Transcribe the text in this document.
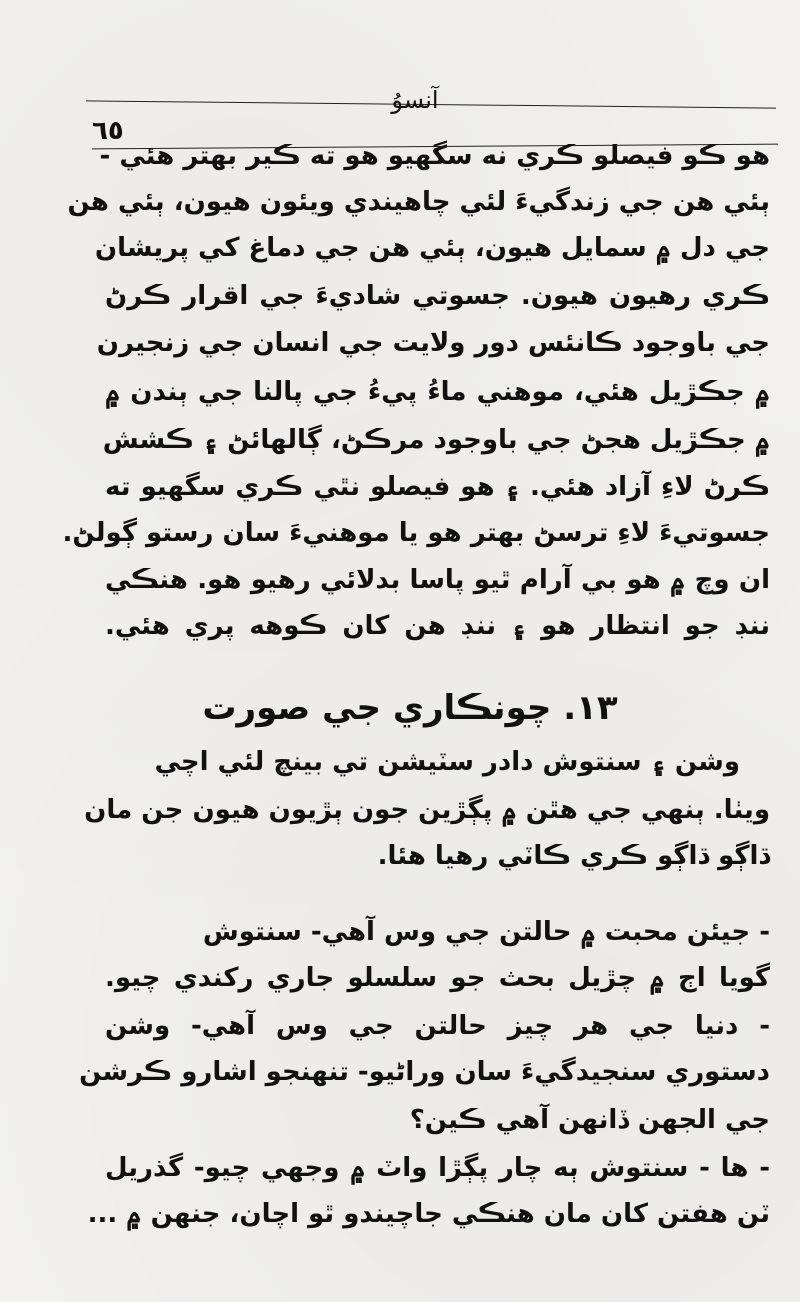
آنسوُ
٦٥
هو ڪو فيصلو ڪري نه سگهيو هو ته ڪير بهتر هئي -
ٻئي هن جي زندگيءَ لئي چاهيندي ويئون هيون، ٻئي هن
جي دل ۾ سمايل هيون، ٻئي هن جي دماغ کي پريشان
ڪري رهيون هيون. جسوتي شاديءَ جي اقرار ڪرڻ
جي باوجود ڪانئس دور ولايت جي انسان جي زنجيرن
۾ جڪڙيل هئي، موهني ماءُ پيءُ جي پالنا جي ٻندن ۾
۾ جڪڙيل هجڻ جي باوجود مرڪڻ، ڳالهائڻ ۽ ڪشش
ڪرڻ لاءِ آزاد هئي. ۽ هو فيصلو نٿي ڪري سگهيو ته
جسوتيءَ لاءِ ترسڻ بهتر هو يا موهنيءَ سان رستو ڳولڻ.
ان وچ ۾ هو بي آرام ٿيو پاسا بدلائي رهيو هو. هنڪي
ننڊ جو انتظار هو ۽ ننڊ هن کان ڪوهه پري هئي.
١٣. چونڪاري جي صورت
وشن ۽ سنتوش دادر سٽيشن تي بينچ لئي اچي
ويٺا. ٻنهي جي هٿن ۾ پڳڙين جون ٻڙيون هيون جن مان
ڌاڳو ڌاڳو ڪري ڪاٽي رهيا هئا.
- جيئن محبت ۾ حالتن جي وس آهي- سنتوش
گويا اڄ ۾ چڙيل بحث جو سلسلو جاري رکندي چيو.
- دنيا جي هر چيز حالتن جي وس آهي- وشن
دستوري سنجيدگيءَ سان وراڻيو- تنهنجو اشارو ڪرشن
جي الجهن ڏانهن آهي ڪين؟
- ها - سنتوش ٻه چار پڳڙا واٽ ۾ وجهي چيو- گذريل
ٽن هفتن کان مان هنڪي جاچيندو ٿو اچان، جنهن ۾ ...
